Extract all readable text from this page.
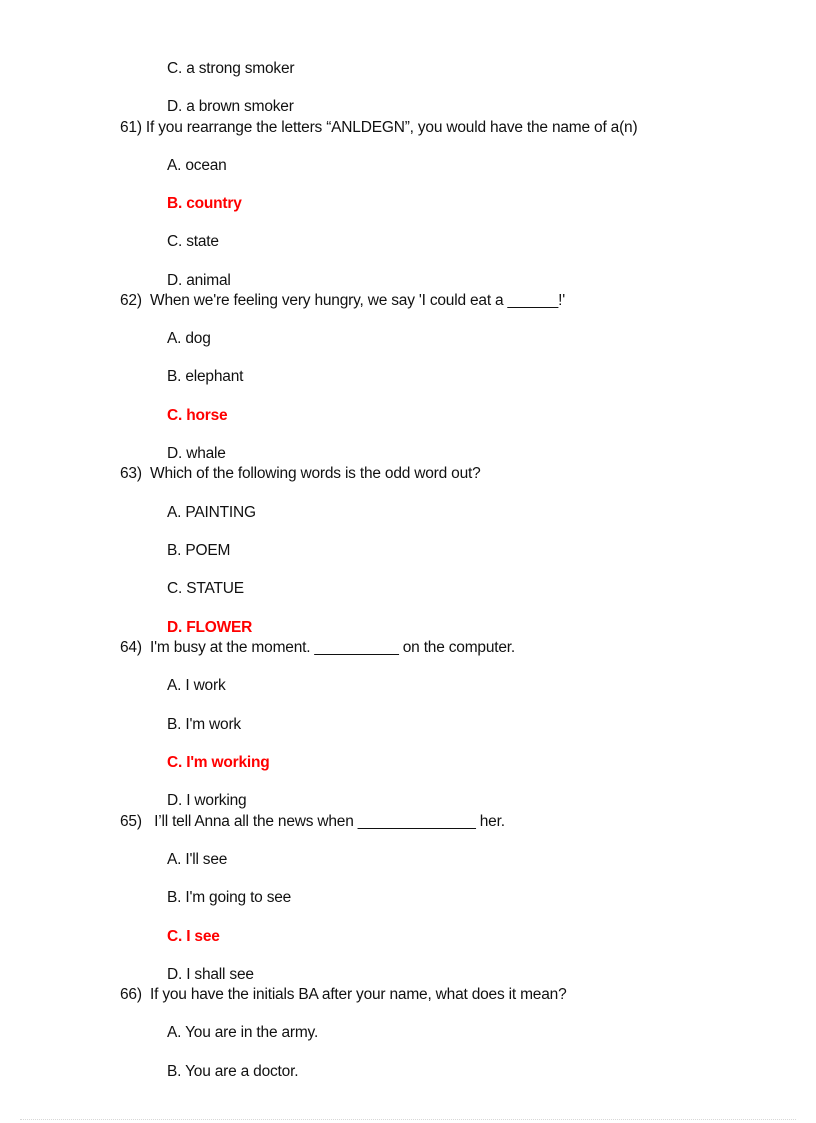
C. a strong smoker
D. a brown smoker
61) If you rearrange the letters “ANLDEGN”, you would have the name of a(n)
A. ocean
B. country
C. state
D. animal
62)  When we're feeling very hungry, we say 'I could eat a ______!'
A. dog
B. elephant
C. horse
D. whale
63)  Which of the following words is the odd word out?
A. PAINTING
B. POEM
C. STATUE
D. FLOWER
64)  I'm busy at the moment. __________ on the computer.
A. I work
B. I'm work
C. I'm working
D. I working
65)   I’ll tell Anna all the news when ______________ her.
A. I'll see
B. I'm going to see
C. I see
D. I shall see
66)  If you have the initials BA after your name, what does it mean?
A. You are in the army.
B. You are a doctor.
